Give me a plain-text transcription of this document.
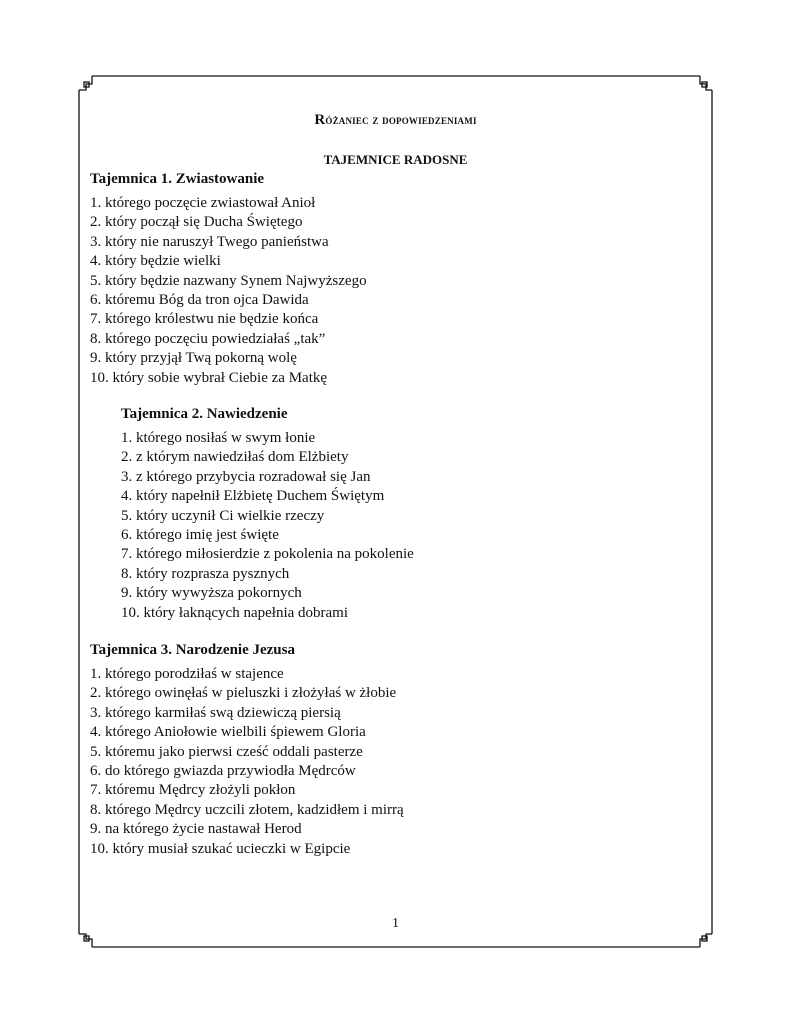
Różaniec z dopowiedzeniami
TAJEMNICE RADOSNE
Tajemnica 1. Zwiastowanie
1. którego poczęcie zwiastował Anioł
2. który począł się Ducha Świętego
3. który nie naruszył Twego panieństwa
4. który będzie wielki
5. który będzie nazwany Synem Najwyższego
6. któremu Bóg da tron ojca Dawida
7. którego królestwu nie będzie końca
8. którego poczęciu powiedziałaś „tak”
9. który przyjął Twą pokorną wolę
10. który sobie wybrał Ciebie za Matkę
Tajemnica 2. Nawiedzenie
1. którego nosiłaś w swym łonie
2. z którym nawiedziłaś dom Elżbiety
3. z którego przybycia rozradował się Jan
4. który napełnił Elżbietę Duchem Świętym
5. który uczynił Ci wielkie rzeczy
6. którego imię jest święte
7. którego miłosierdzie z pokolenia na pokolenie
8. który rozprasza pysznych
9. który wywyższa pokornych
10. który łaknących napełnia dobrami
Tajemnica 3. Narodzenie Jezusa
1. którego porodziłaś w stajence
2. którego owinęłaś w pieluszki i złożyłaś w żłobie
3. którego karmiłaś swą dziewiczą piersią
4. którego Aniołowie wielbili śpiewem Gloria
5. któremu jako pierwsi cześć oddali pasterze
6. do którego gwiazda przywiodła Mędrców
7. któremu Mędrcy złożyli pokłon
8. którego Mędrcy uczcili złotem, kadzidłem i mirrą
9. na którego życie nastawał Herod
10. który musiał szukać ucieczki w Egipcie
1
